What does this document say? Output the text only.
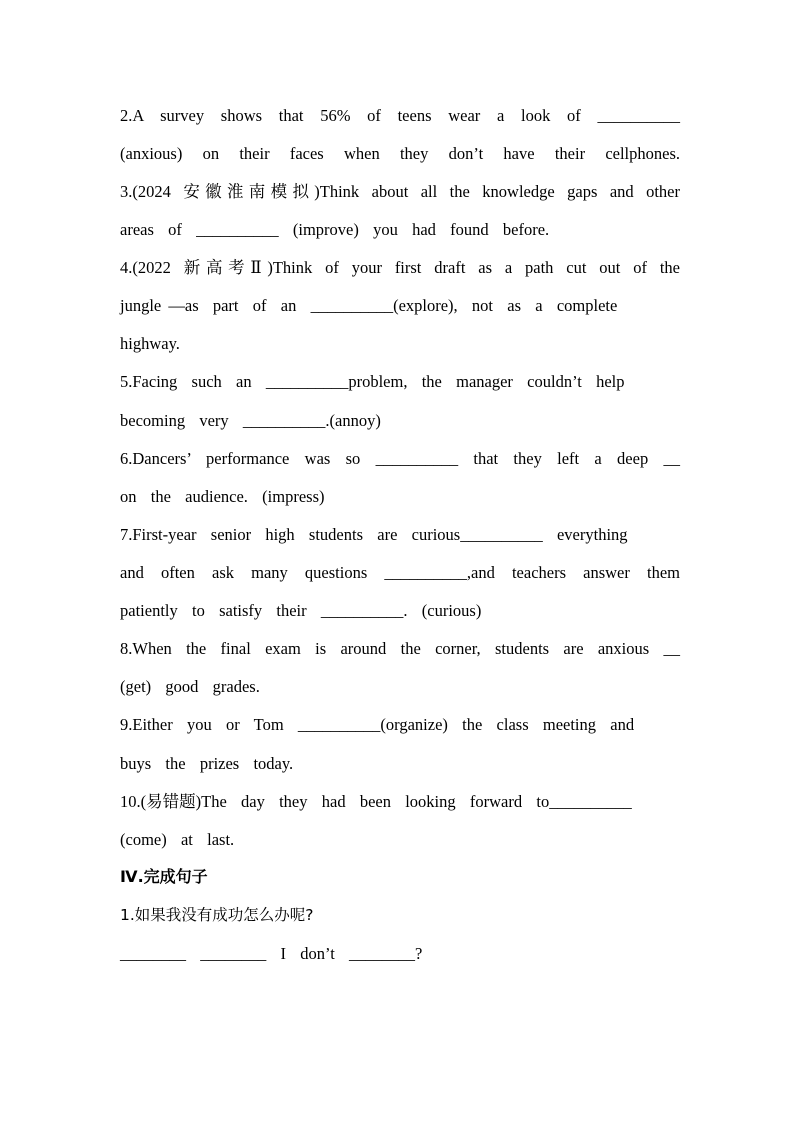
2.A survey shows that 56% of teens wear a look of __________
(anxious) on their faces when they don’t have their cellphones.
3.(2024 安徽淮南模拟)Think about all the knowledge gaps and other
areas  of  __________  (improve)  you  had  found  before.
4.(2022 新高考Ⅱ)Think of your first draft as a path cut out of the
jungle —as  part  of  an  __________(explore),  not  as  a  complete
highway.
5.Facing  such  an  __________problem,  the  manager  couldn’t  help
becoming  very  __________.(annoy)
6.Dancers’ performance was so __________ that they left a deep __
on  the  audience.  (impress)
7.First-year  senior  high  students  are  curious__________  everything
and often ask many questions __________,and teachers answer them
patiently  to  satisfy  their  __________.  (curious)
8.When the final exam is around the corner, students are anxious __
(get)  good  grades.
9.Either  you  or  Tom  __________(organize)  the  class  meeting  and
buys  the  prizes  today.
10.(易错题)The  day  they  had  been  looking  forward  to__________
(come)  at  last.
Ⅳ.完成句子
1.如果我没有成功怎么办呢?
________  ________  I  don’t  ________?
